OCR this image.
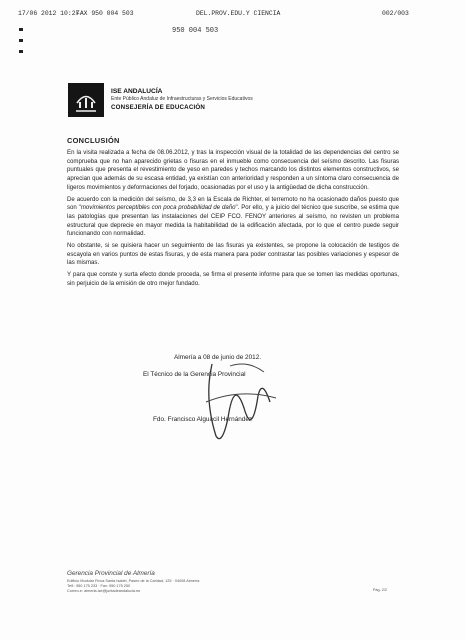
17/06 2012 10:27
FAX 950 004 503	DEL.PROV.EDU.Y CIENCIA	002/003
950 004 503
ISE ANDALUCÍA
Ente Público Andaluz de Infraestructuras y Servicios Educativos
CONSEJERÍA DE EDUCACIÓN
CONCLUSIÓN

En la visita realizada a fecha de 08.06.2012, y tras la inspección visual de la totalidad de las dependencias del centro se comprueba que no han aparecido grietas o fisuras en el inmueble como consecuencia del seísmo descrito. Las fisuras puntuales que presenta el revestimiento de yeso en paredes y techos marcando los distintos elementos constructivos, se aprecian que además de su escasa entidad, ya existían con anterioridad y responden a un síntoma claro consecuencia de ligeros movimientos y deformaciones del forjado, ocasionadas por el uso y la antigüedad de dicha construcción.

De acuerdo con la medición del seísmo, de 3,3 en la Escala de Richter, el terremoto no ha ocasionado daños puesto que son "movimientos perceptibles con poca probabilidad de daño". Por ello, y a juicio del técnico que suscribe, se estima que las patologías que presentan las instalaciones del CEIP FCO. FENOY anteriores al seísmo, no revisten un problema estructural que deprecie en mayor medida la habitabilidad de la edificación afectada, por lo que el centro puede seguir funcionando con normalidad.

No obstante, si se quisiera hacer un seguimiento de las fisuras ya existentes, se propone la colocación de testigos de escayola en varios puntos de estas fisuras, y de esta manera para poder contrastar las posibles variaciones y espesor de las mismas.

Y para que conste y surta efecto donde proceda, se firma el presente informe para que se tomen las medidas oportunas, sin perjuicio de la emisión de otro mejor fundado.

Almería a 08 de junio de 2012.
El Técnico de la Gerencia Provincial
Fdo. Francisco Alguacil Hernández
Gerencia Provincial de Almería
Edificio Modular Finca Santa Isabel, Paseo de la Caridad, 125 · 04008 Almería
Telf.: 950 175 233 · Fax: 950 175 250
Correo-e: almeria.ise@juntadeandalucia.es	Pág. 2/2
